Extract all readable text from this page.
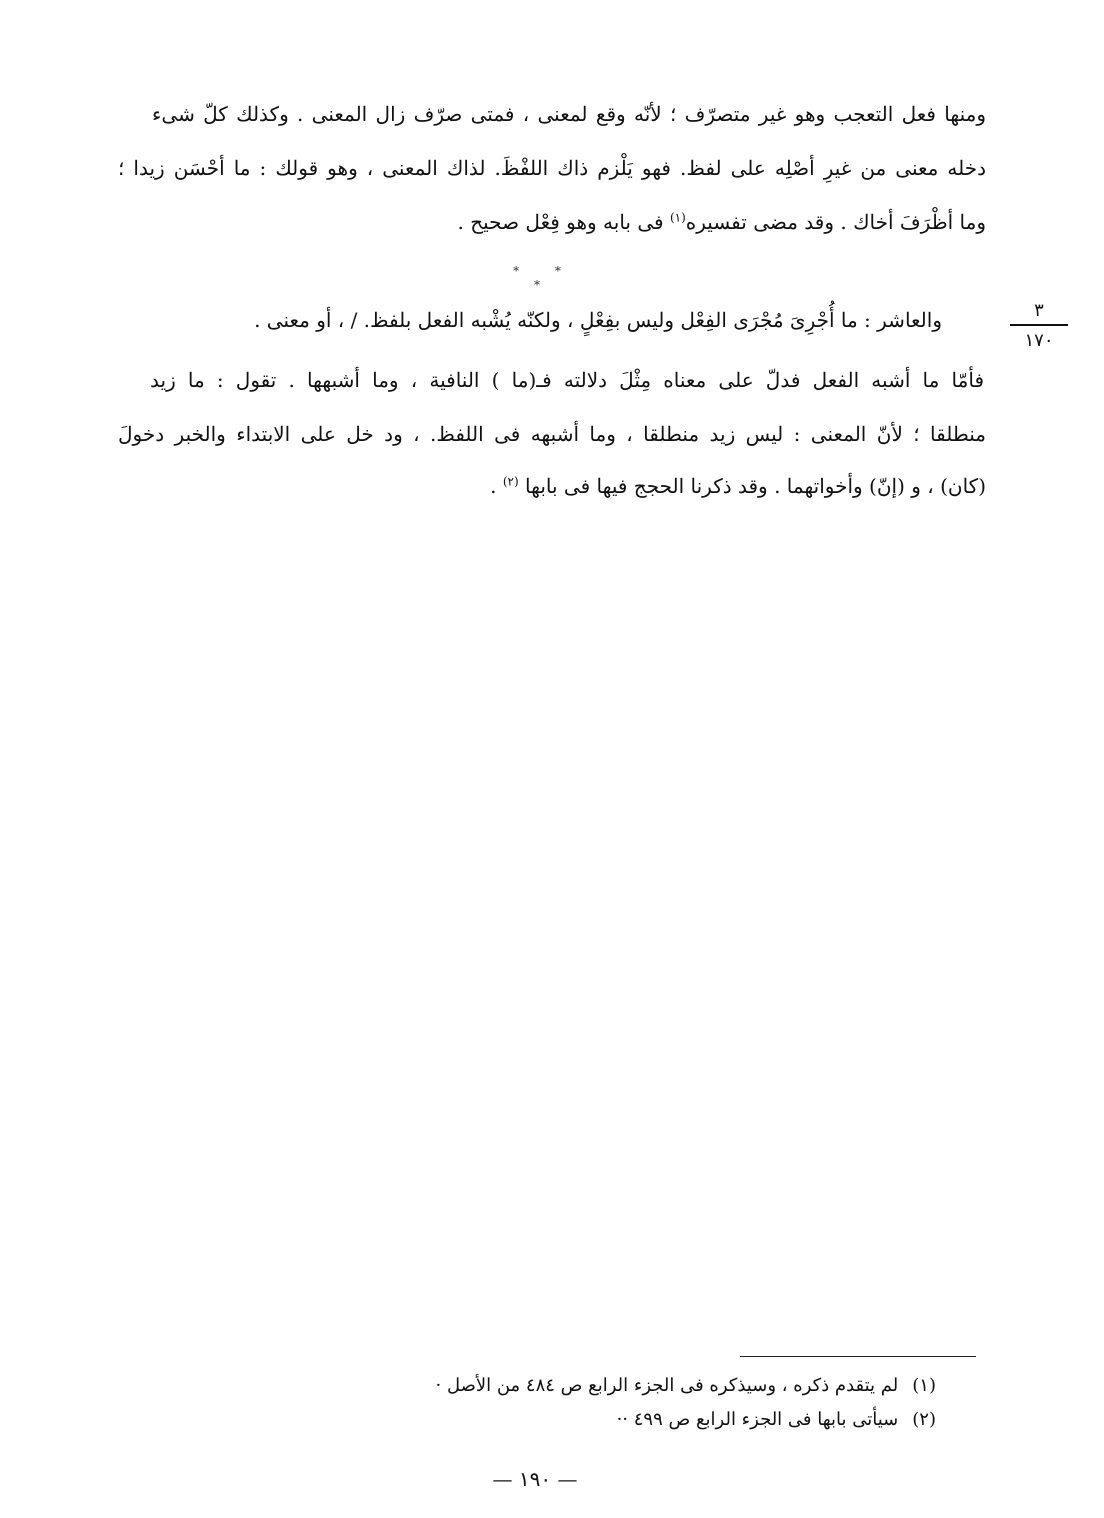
ومنها فعل التعجب وهو غير متصرّف ؛ لأنّه وقع لمعنى ، فمتى صرّف زال المعنى . وكذلك كلّ شىء
دخله معنى من غيرِ أصْلِه على لفظ. فهو يَلْزم ذاك اللفْظَ. لذاك المعنى ، وهو قولك : ما أحْسَن زيدا ؛
وما أظْرَفَ أخاك . وقد مضى تفسيره$^{(١)}$ فى بابه وهو فِعْل صحيح .
* * *
٣
١٧٠
والعاشر : ما أُجْرِىَ مُجْرَى الفِعْل وليس بفِعْلٍ ، ولكنّه يُشْبه الفعل بلفظ. / ، أو معنى .
فأمّا ما أشبه الفعل فدلّ على معناه مِثْلَ دلالته فـ(ما ) النافية ، وما أشبهها . تقول : ما زيد
منطلقا ؛ لأنّ المعنى : ليس زيد منطلقا ، وما أشبهه فى اللفظ. ، ود خل على الابتداء والخبر دخولَ
(كان) ، و (إنّ) وأخواتهما . وقد ذكرنا الحجج فيها فى بابها $^{(٢)}$ .
(١)لم يتقدم ذكره ، وسيذكره فى الجزء الرابع ص ٤٨٤ من الأصل ·
(٢)سيأتى بابها فى الجزء الرابع ص ٤٩٩ ··
— ١٩٠ —
